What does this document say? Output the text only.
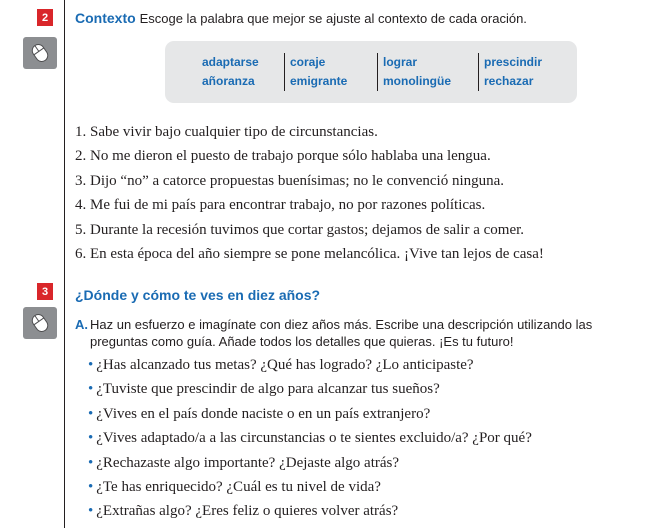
2	Contexto Escoge la palabra que mejor se ajuste al contexto de cada oración.
adaptarse
añoranza
coraje
emigrante
lograr
monolingüe
prescindir
rechazar
1. Sabe vivir bajo cualquier tipo de circunstancias.
2. No me dieron el puesto de trabajo porque sólo hablaba una lengua.
3. Dijo “no” a catorce propuestas buenísimas; no le convenció ninguna.
4. Me fui de mi país para encontrar trabajo, no por razones políticas.
5. Durante la recesión tuvimos que cortar gastos; dejamos de salir a comer.
6. En esta época del año siempre se pone melancólica. ¡Vive tan lejos de casa!
3	¿Dónde y cómo te ves en diez años?
A. Haz un esfuerzo e imagínate con diez años más. Escribe una descripción utilizando las
preguntas como guía. Añade todos los detalles que quieras. ¡Es tu futuro!
• ¿Has alcanzado tus metas? ¿Qué has logrado? ¿Lo anticipaste?
• ¿Tuviste que prescindir de algo para alcanzar tus sueños?
• ¿Vives en el país donde naciste o en un país extranjero?
• ¿Vives adaptado/a a las circunstancias o te sientes excluido/a? ¿Por qué?
• ¿Rechazaste algo importante? ¿Dejaste algo atrás?
• ¿Te has enriquecido? ¿Cuál es tu nivel de vida?
• ¿Extrañas algo? ¿Eres feliz o quieres volver atrás?
